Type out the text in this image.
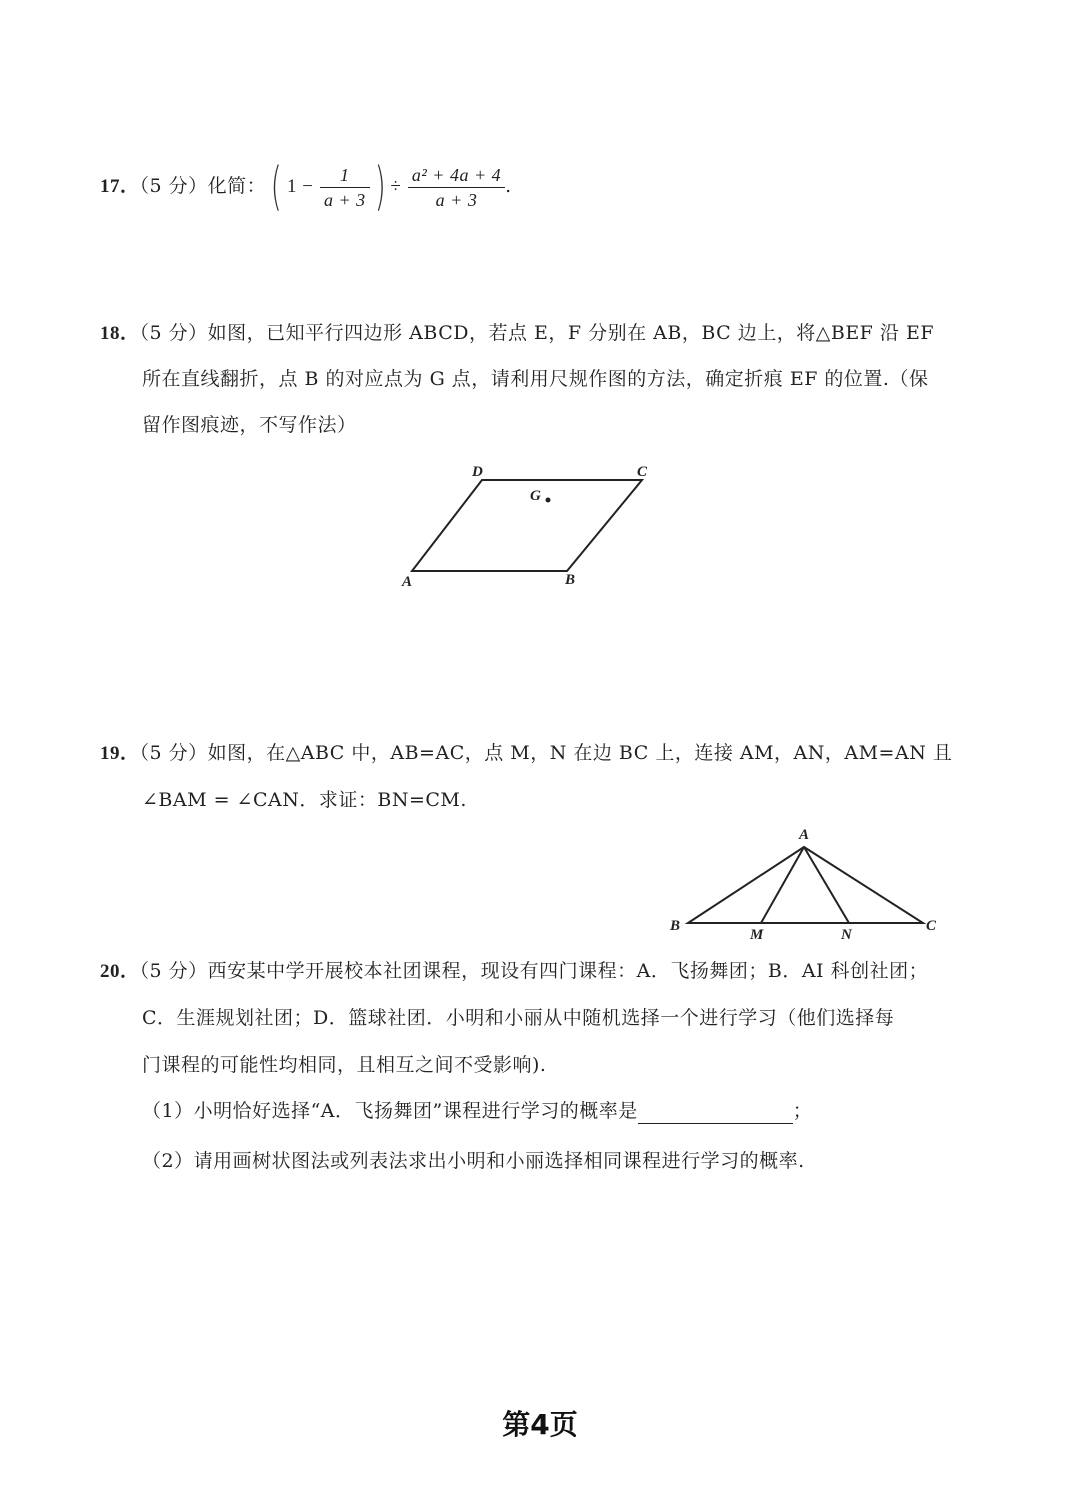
17．（5 分）化简：( $1 - \frac{1}{a + 3}$ ) ÷ $\frac{\text{a² + 4a + 4}}{a + 3}$ .
18．（5 分）如图，已知平行四边形 ABCD，若点 E，F 分别在 AB，BC 边上，将△BEF 沿 EF
所在直线翻折，点 B 的对应点为 G 点，请利用尺规作图的方法，确定折痕 EF 的位置.（保
留作图痕迹，不写作法）
D	C
G
A	B
19．（5 分）如图，在△ABC 中，AB=AC，点 M，N 在边 BC 上，连接 AM，AN，AM=AN 且
∠BAM = ∠CAN．求证：BN=CM.
A
B	C
M	N
20．（5 分）西安某中学开展校本社团课程，现设有四门课程：A．飞扬舞团；B．AI 科创社团；
C．生涯规划社团；D．篮球社团．小明和小丽从中随机选择一个进行学习（他们选择每
门课程的可能性均相同，且相互之间不受影响).
（1）小明恰好选择“A．飞扬舞团”课程进行学习的概率是	；
（2）请用画树状图法或列表法求出小明和小丽选择相同课程进行学习的概率.
第4页
